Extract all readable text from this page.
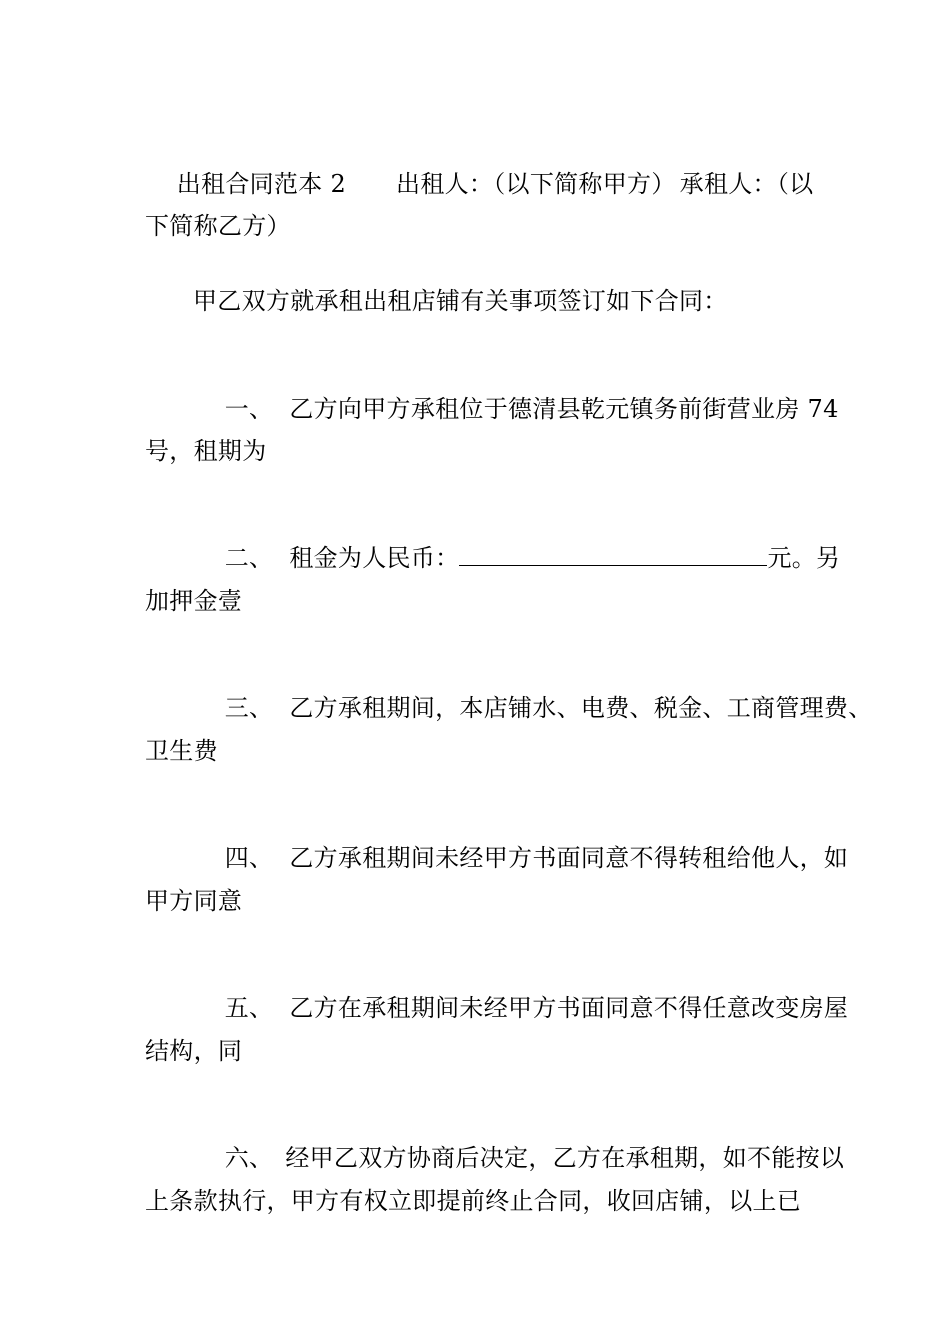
出租合同范本 2 出租人：（以下简称甲方） 承租人：（以

下简称乙方）
甲乙双方就承租出租店铺有关事项签订如下合同：

一、 乙方向甲方承租位于德清县乾元镇务前街营业房 74

号，租期为

二、 租金为人民币：	元。另

加押金壹

三、 乙方承租期间，本店铺水、电费、税金、工商管理费、

卫生费

四、 乙方承租期间未经甲方书面同意不得转租给他人，如

甲方同意

五、 乙方在承租期间未经甲方书面同意不得任意改变房屋

结构，同

六、 经甲乙双方协商后决定，乙方在承租期，如不能按以

上条款执行，甲方有权立即提前终止合同，收回店铺，以上已
